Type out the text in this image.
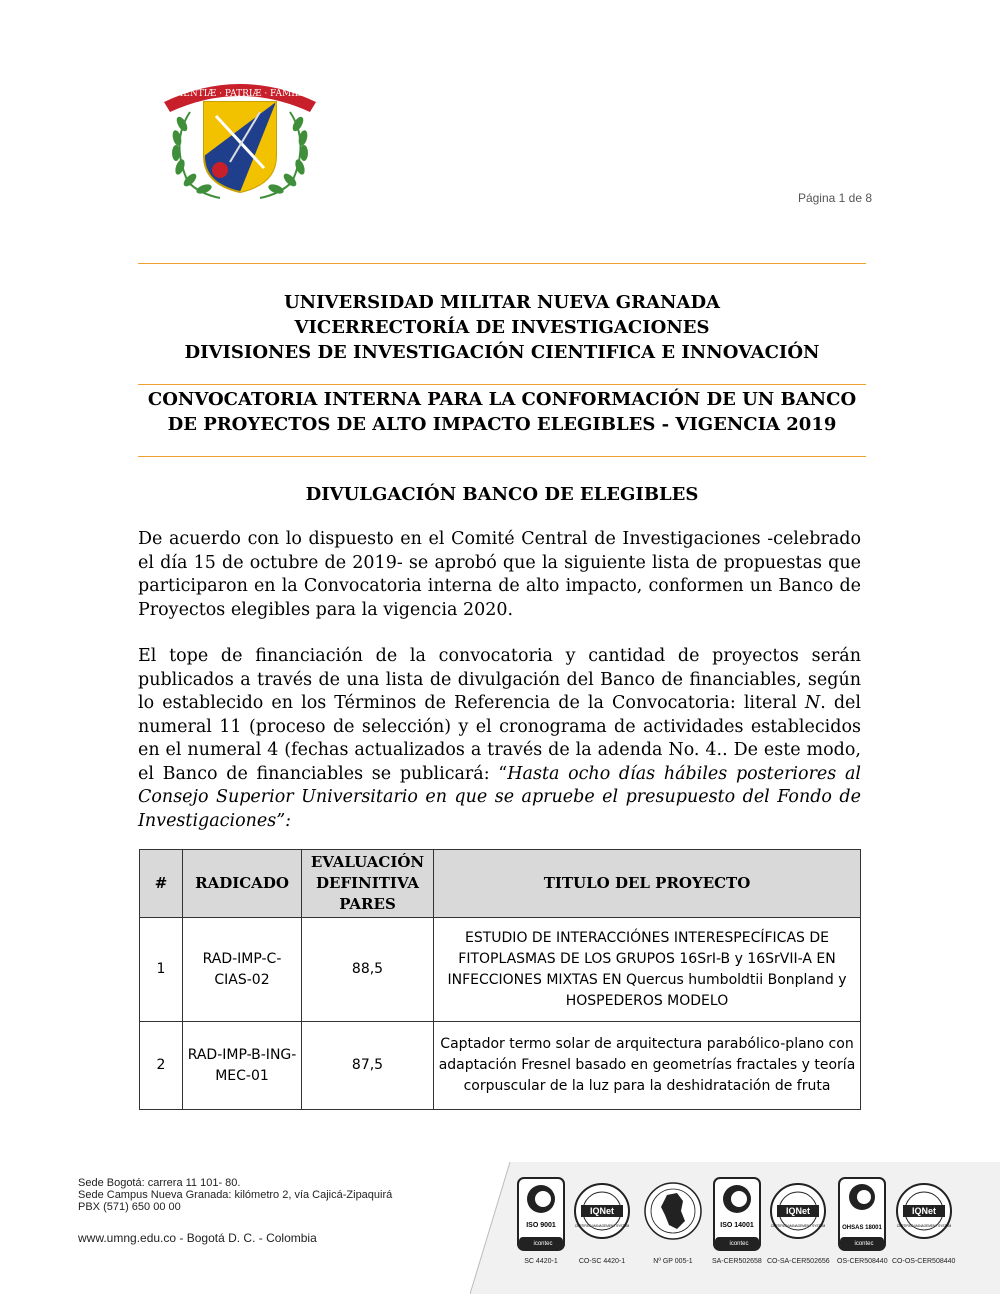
SCIENTIÆ · PATRIÆ · FAMILIÆ
Página 1 de 8
UNIVERSIDAD MILITAR NUEVA GRANADA
VICERRECTORÍA DE INVESTIGACIONES
DIVISIONES DE INVESTIGACIÓN CIENTIFICA E INNOVACIÓN
CONVOCATORIA INTERNA PARA LA CONFORMACIÓN DE UN BANCO
DE PROYECTOS DE ALTO IMPACTO ELEGIBLES - VIGENCIA 2019
DIVULGACIÓN BANCO DE ELEGIBLES
De acuerdo con lo dispuesto en el Comité Central de Investigaciones -celebrado el día 15 de octubre de 2019- se aprobó que la siguiente lista de propuestas que participaron en la Convocatoria interna de alto impacto, conformen un Banco de Proyectos elegibles para la vigencia 2020.
El tope de financiación de la convocatoria y cantidad de proyectos serán publicados a través de una lista de divulgación del Banco de financiables, según lo establecido en los Términos de Referencia de la Convocatoria: literal N. del numeral 11 (proceso de selección) y el cronograma de actividades establecidos en el numeral 4 (fechas actualizados a través de la adenda No. 4.. De este modo, el Banco de financiables se publicará: “Hasta ocho días hábiles posteriores al Consejo Superior Universitario en que se apruebe el presupuesto del Fondo de Investigaciones”:
#	RADICADO	EVALUACIÓN DEFINITIVA PARES	TITULO DEL PROYECTO
1	RAD-IMP-C-CIAS-02	88,5	ESTUDIO DE INTERACCIÓNES INTERESPECÍFICAS DE FITOPLASMAS DE LOS GRUPOS 16SrI-B y 16SrVII-A EN INFECCIONES MIXTAS EN Quercus humboldtii Bonpland y HOSPEDEROS MODELO
2	RAD-IMP-B-ING-MEC-01	87,5	Captador termo solar de arquitectura parabólico-plano con adaptación Fresnel basado en geometrías fractales y teoría corpuscular de la luz para la deshidratación de fruta
Sede Bogotá: carrera 11 101- 80.
Sede Campus Nueva Granada: kilómetro 2, vía Cajicá-Zipaquirá
PBX (571) 650 00 00
www.umng.edu.co - Bogotá D. C. - Colombia
ISO 9001
icontec
SC 4420-1
IQNet
CERTIFIED MANAGEMENT SYSTEM
CO-SC 4420-1	Nº GP 005-1
ISO 14001
icontec
SA-CER502658
IQNet
CERTIFIED MANAGEMENT SYSTEM
CO-SA-CER502656
OHSAS 18001
icontec
OS-CER508440
IQNet
CERTIFIED MANAGEMENT SYSTEM
CO-OS-CER508440
